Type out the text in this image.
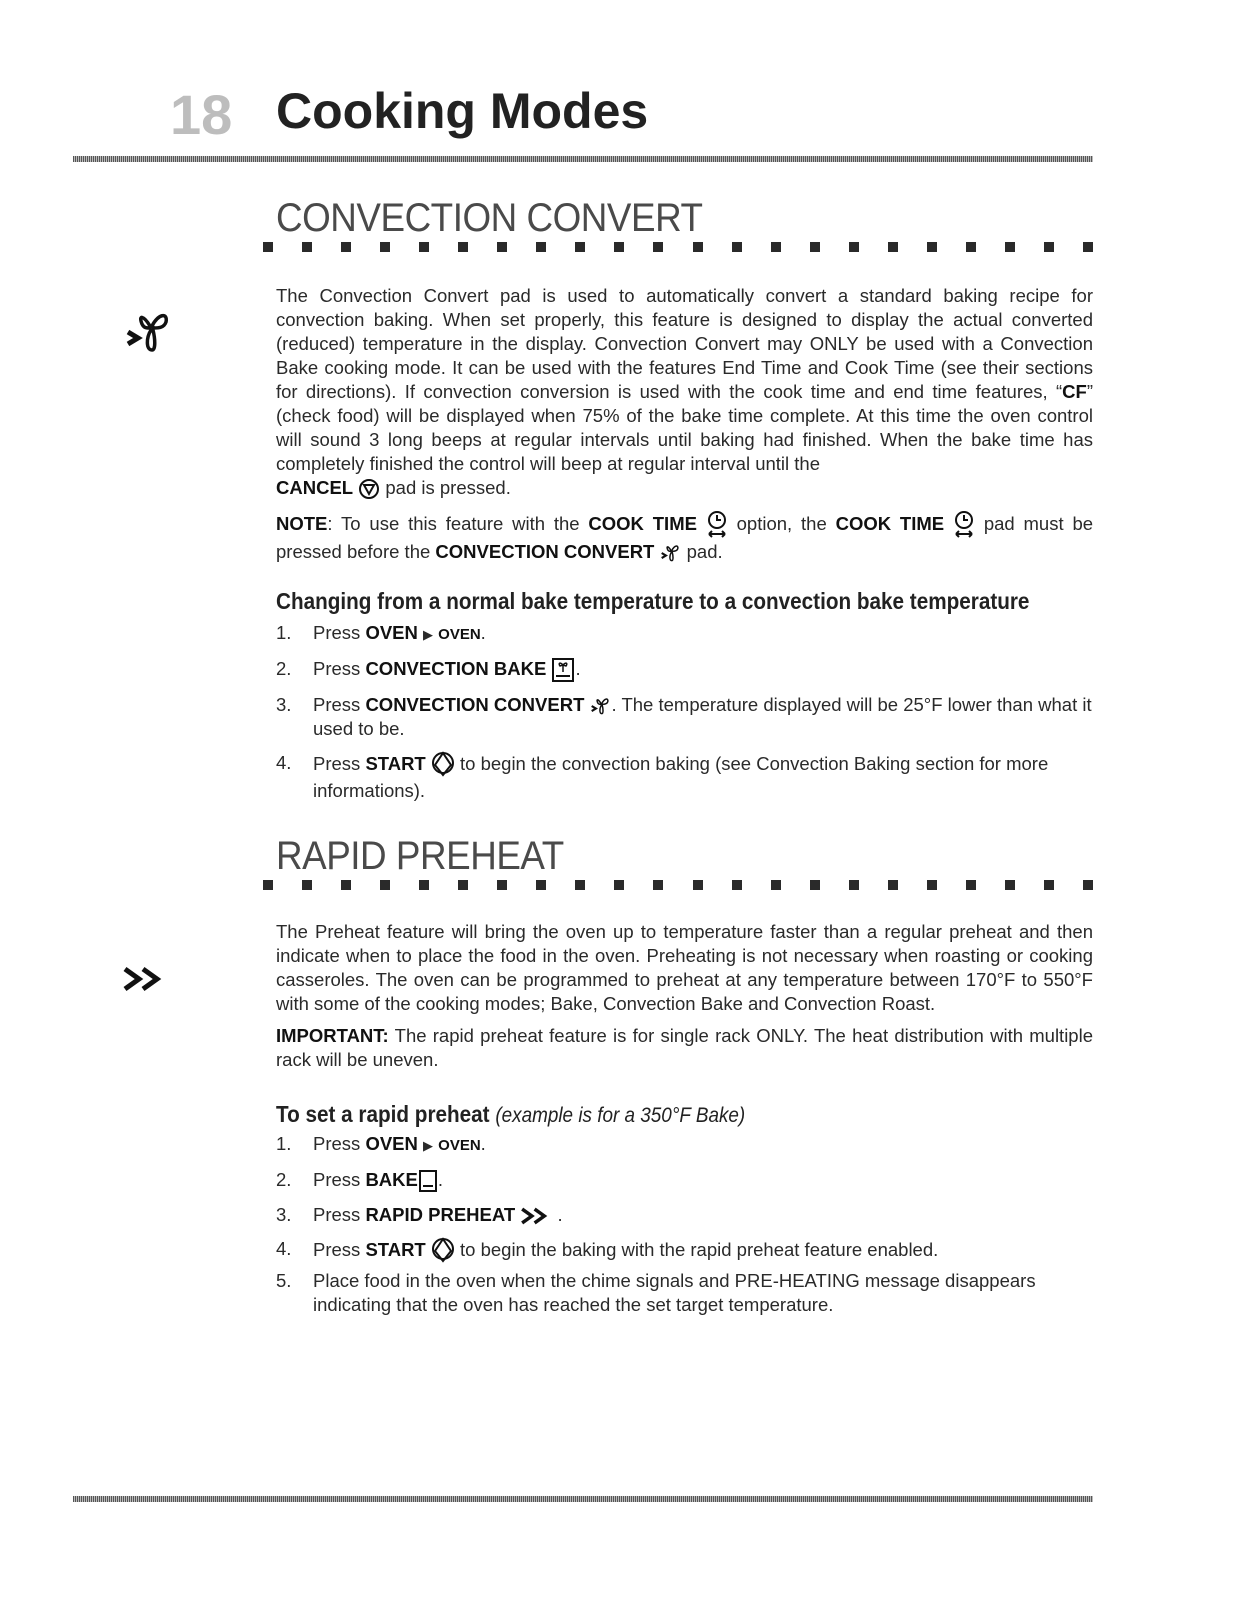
18 Cooking Modes
CONVECTION CONVERT

The Convection Convert pad is used to automatically convert a standard baking recipe for convection baking. When set properly, this feature is designed to display the actual converted (reduced) temperature in the display. Convection Convert may ONLY be used with a Convection Bake cooking mode. It can be used with the features End Time and Cook Time (see their sections for directions). If convection conversion is used with the cook time and end time features, “CF” (check food) will be displayed when 75% of the bake time complete. At this time the oven control will sound 3 long beeps at regular intervals until baking had finished. When the bake time has completely finished the control will beep at regular interval until the
CANCEL pad is pressed.

NOTE: To use this feature with the COOK TIME option, the COOK TIME pad must be pressed before the CONVECTION CONVERT pad.

Changing from a normal bake temperature to a convection bake temperature
1. Press OVEN ▶ OVEN.
2. Press CONVECTION BAKE .
3. Press CONVECTION CONVERT . The temperature displayed will be 25°F lower than what it used to be.
4. Press START to begin the convection baking (see Convection Baking section for more informations).
RAPID PREHEAT

The Preheat feature will bring the oven up to temperature faster than a regular preheat and then indicate when to place the food in the oven. Preheating is not necessary when roasting or cooking casseroles. The oven can be programmed to preheat at any temperature between 170°F to 550°F with some of the cooking modes; Bake, Convection Bake and Convection Roast.

IMPORTANT: The rapid preheat feature is for single rack ONLY. The heat distribution with multiple rack will be uneven.

To set a rapid preheat (example is for a 350°F Bake)
1. Press OVEN ▶ OVEN.
2. Press BAKE .
3. Press RAPID PREHEAT .
4. Press START to begin the baking with the rapid preheat feature enabled.
5. Place food in the oven when the chime signals and PRE-HEATING message disappears indicating that the oven has reached the set target temperature.
